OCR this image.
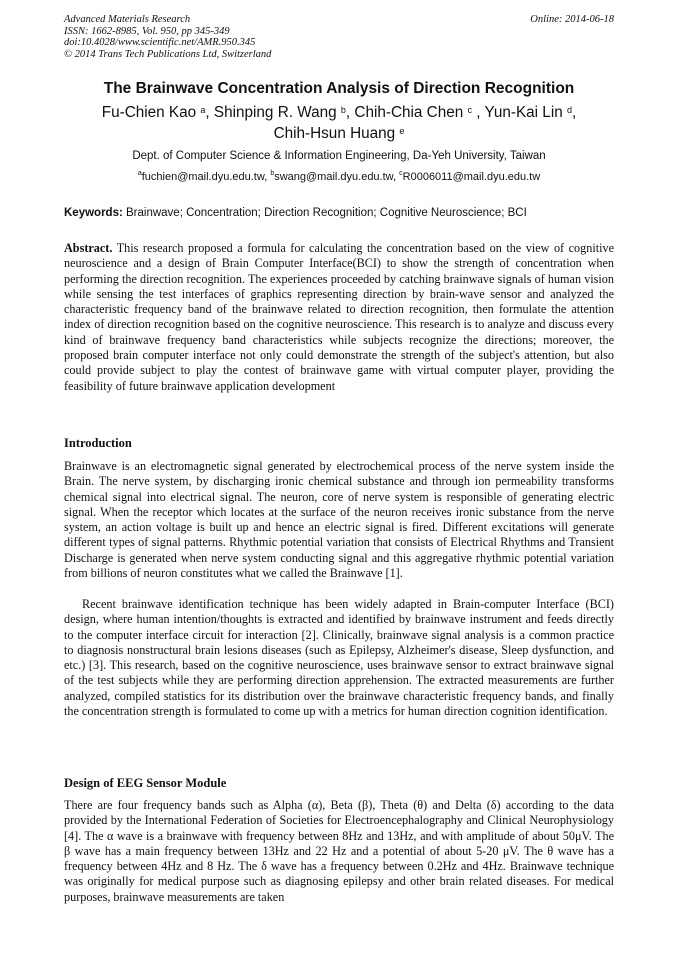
Advanced Materials Research
ISSN: 1662-8985, Vol. 950, pp 345-349
doi:10.4028/www.scientific.net/AMR.950.345
© 2014 Trans Tech Publications Ltd, Switzerland
Online: 2014-06-18
The Brainwave Concentration Analysis of Direction Recognition
Fu-Chien Kao $^a$, Shinping R. Wang $^b$, Chih-Chia Chen $^c$ , Yun-Kai Lin $^d$,
Chih-Hsun Huang $^e$
Dept. of Computer Science & Information Engineering, Da-Yeh University, Taiwan
$^a$fuchien@mail.dyu.edu.tw, $^b$swang@mail.dyu.edu.tw, $^c$R0006011@mail.dyu.edu.tw
Keywords: Brainwave; Concentration; Direction Recognition; Cognitive Neuroscience; BCI

Abstract. This research proposed a formula for calculating the concentration based on the view of cognitive neuroscience and a design of Brain Computer Interface(BCI) to show the strength of concentration when performing the direction recognition. The experiences proceeded by catching brainwave signals of human vision while sensing the test interfaces of graphics representing direction by brain-wave sensor and analyzed the characteristic frequency band of the brainwave related to direction recognition, then formulate the attention index of direction recognition based on the cognitive neuroscience. This research is to analyze and discuss every kind of brainwave frequency band characteristics while subjects recognize the directions; moreover, the proposed brain computer interface not only could demonstrate the strength of the subject's attention, but also could provide subject to play the contest of brainwave game with virtual computer player, providing the feasibility of future brainwave application development

Introduction

Brainwave is an electromagnetic signal generated by electrochemical process of the nerve system inside the Brain. The nerve system, by discharging ironic chemical substance and through ion permeability transforms chemical signal into electrical signal. The neuron, core of nerve system is responsible of generating electric signal. When the receptor which locates at the surface of the neuron receives ironic substance from the nerve system, an action voltage is built up and hence an electric signal is fired. Different excitations will generate different types of signal patterns. Rhythmic potential variation that consists of Electrical Rhythms and Transient Discharge is generated when nerve system conducting signal and this aggregative rhythmic potential variation from billions of neuron constitutes what we called the Brainwave [1].

Recent brainwave identification technique has been widely adapted in Brain-computer Interface (BCI) design, where human intention/thoughts is extracted and identified by brainwave instrument and feeds directly to the computer interface circuit for interaction [2]. Clinically, brainwave signal analysis is a common practice to diagnosis nonstructural brain lesions diseases (such as Epilepsy, Alzheimer's disease, Sleep dysfunction, and etc.) [3]. This research, based on the cognitive neuroscience, uses brainwave sensor to extract brainwave signal of the test subjects while they are performing direction apprehension. The extracted measurements are further analyzed, compiled statistics for its distribution over the brainwave characteristic frequency bands, and finally the concentration strength is formulated to come up with a metrics for human direction cognition identification.

Design of EEG Sensor Module

There are four frequency bands such as Alpha (α), Beta (β), Theta (θ) and Delta (δ) according to the data provided by the International Federation of Societies for Electroencephalography and Clinical Neurophysiology [4]. The α wave is a brainwave with frequency between 8Hz and 13Hz, and with amplitude of about 50μV. The β wave has a main frequency between 13Hz and 22 Hz and a potential of about 5-20 μV. The θ wave has a frequency between 4Hz and 8 Hz. The δ wave has a frequency between 0.2Hz and 4Hz. Brainwave technique was originally for medical purpose such as diagnosing epilepsy and other brain related diseases. For medical purposes, brainwave measurements are taken
